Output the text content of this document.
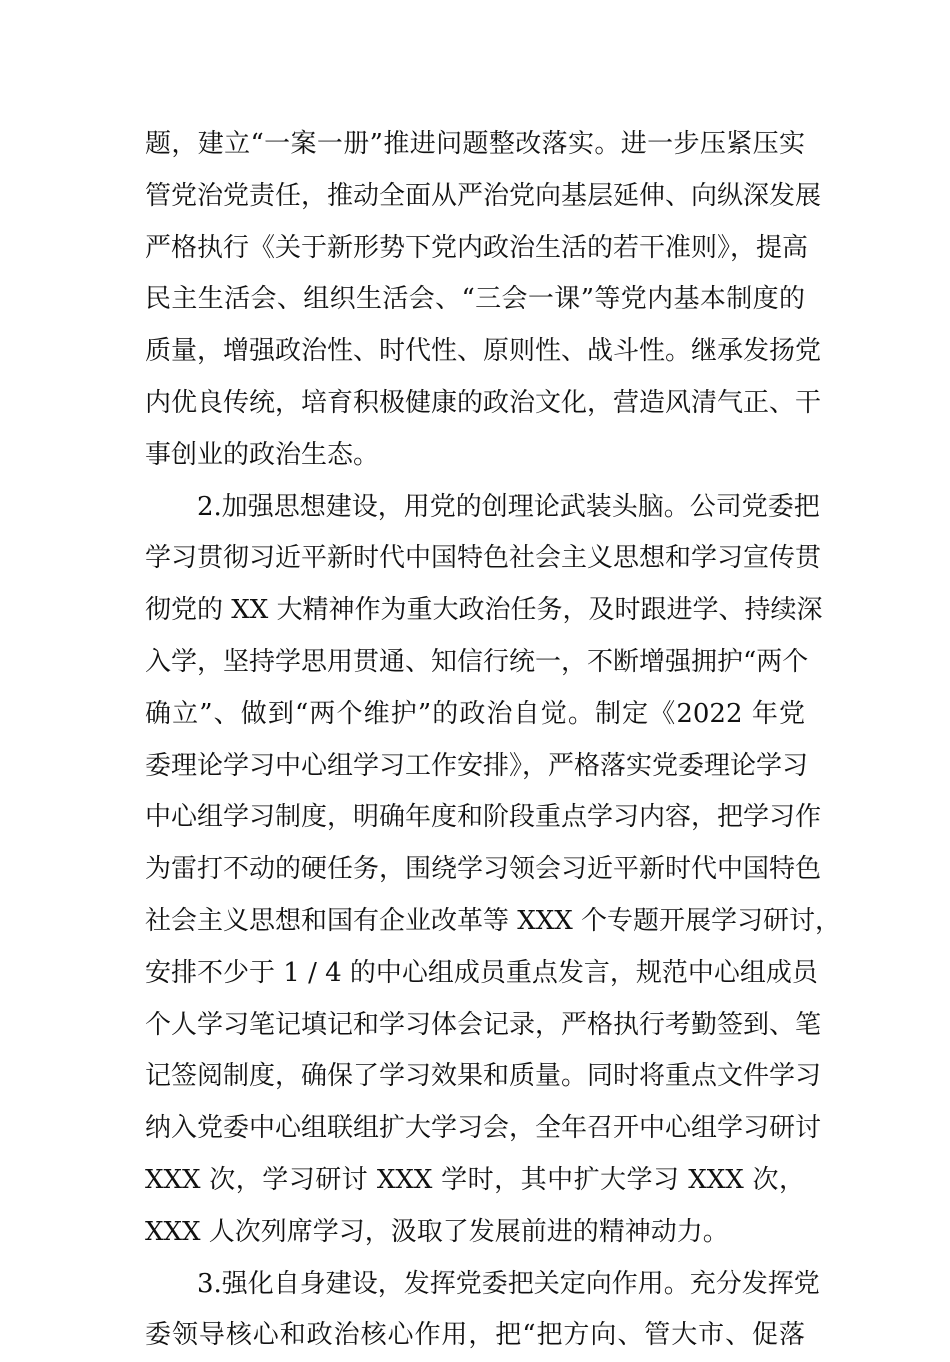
题，建立“一案一册”推进问题整改落实。进一步压紧压实
管党治党责任，推动全面从严治党向基层延伸、向纵深发展
严格执行《关于新形势下党内政治生活的若干准则》，提高
民主生活会、组织生活会、“三会一课”等党内基本制度的
质量，增强政治性、时代性、原则性、战斗性。继承发扬党
内优良传统，培育积极健康的政治文化，营造风清气正、干
事创业的政治生态。
2.加强思想建设，用党的创理论武装头脑。公司党委把
学习贯彻习近平新时代中国特色社会主义思想和学习宣传贯
彻党的 XX 大精神作为重大政治任务，及时跟进学、持续深
入学，坚持学思用贯通、知信行统一，不断增强拥护“两个
确立”、做到“两个维护”的政治自觉。制定《2022 年党
委理论学习中心组学习工作安排》，严格落实党委理论学习
中心组学习制度，明确年度和阶段重点学习内容，把学习作
为雷打不动的硬任务，围绕学习领会习近平新时代中国特色
社会主义思想和国有企业改革等 XXX 个专题开展学习研讨，
安排不少于 1 / 4 的中心组成员重点发言，规范中心组成员
个人学习笔记填记和学习体会记录，严格执行考勤签到、笔
记签阅制度，确保了学习效果和质量。同时将重点文件学习
纳入党委中心组联组扩大学习会，全年召开中心组学习研讨
XXX 次，学习研讨 XXX 学时，其中扩大学习 XXX 次，
XXX 人次列席学习，汲取了发展前进的精神动力。
3.强化自身建设，发挥党委把关定向作用。充分发挥党
委领导核心和政治核心作用，把“把方向、管大市、促落
